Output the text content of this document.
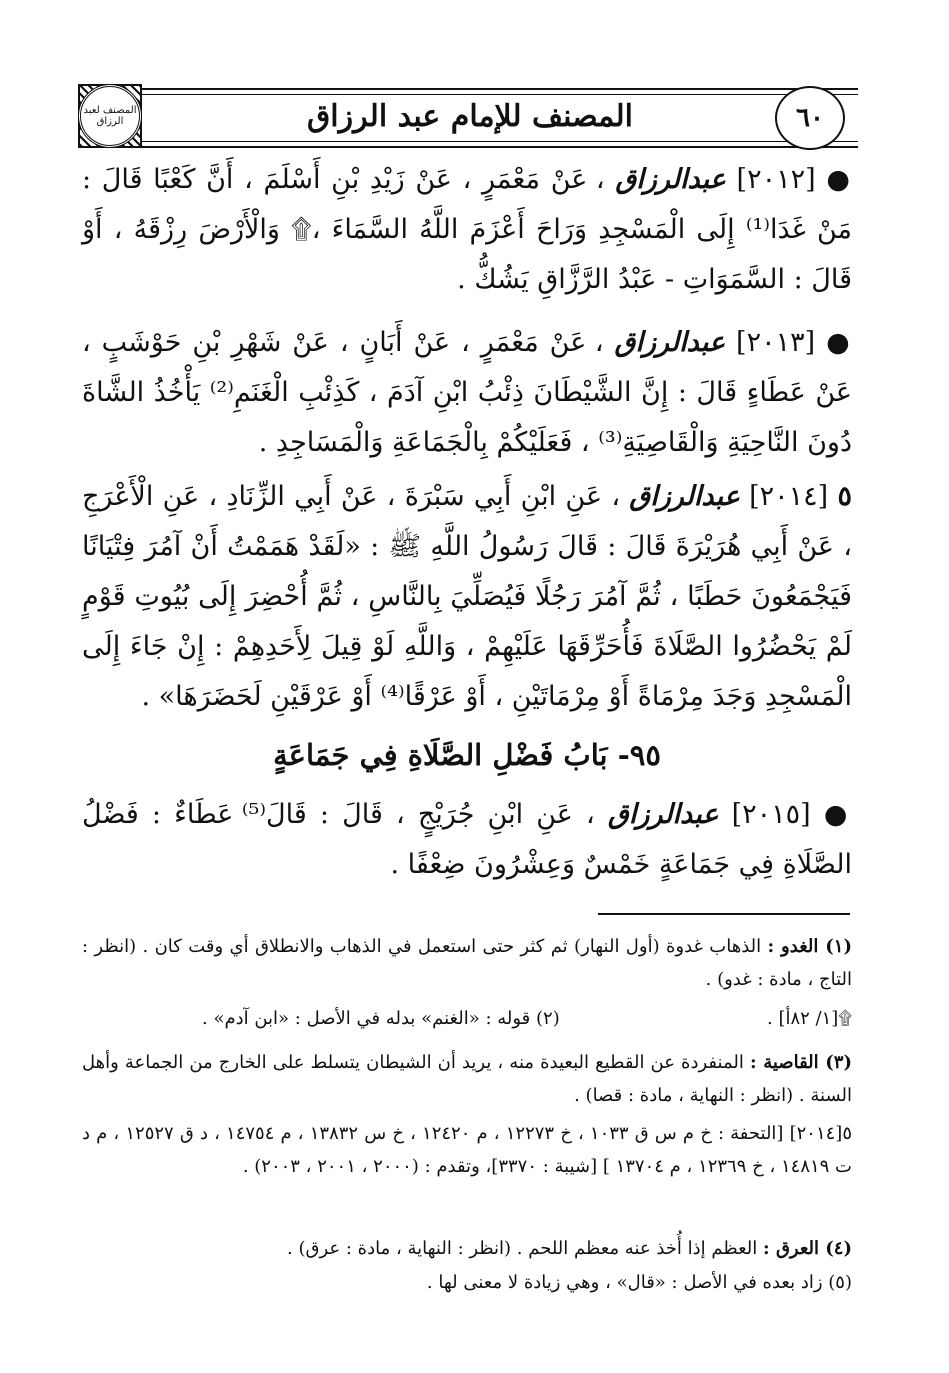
المصنف لعبد الرزاق	المصنف للإمام عبد الرزاق	٦٠
● [٢٠١٢] عبدالرزاق ، عَنْ مَعْمَرٍ ، عَنْ زَيْدِ بْنِ أَسْلَمَ ، أَنَّ كَعْبًا قَالَ : مَنْ غَدَا⁽¹⁾ إِلَى الْمَسْجِدِ وَرَاحَ أَعْزَمَ اللَّهُ السَّمَاءَ ،۩ وَالْأَرْضَ رِزْقَهُ ، أَوْ قَالَ : السَّمَوَاتِ - عَبْدُ الرَّزَّاقِ يَشُكُّ .
● [٢٠١٣] عبدالرزاق ، عَنْ مَعْمَرٍ ، عَنْ أَبَانٍ ، عَنْ شَهْرِ بْنِ حَوْشَبٍ ، عَنْ عَطَاءٍ قَالَ : إِنَّ الشَّيْطَانَ ذِئْبُ ابْنِ آدَمَ ، كَذِئْبِ الْغَنَمِ⁽²⁾ يَأْخُذُ الشَّاةَ دُونَ النَّاحِيَةِ وَالْقَاصِيَةِ⁽³⁾ ، فَعَلَيْكُمْ بِالْجَمَاعَةِ وَالْمَسَاجِدِ .
٥ [٢٠١٤] عبدالرزاق ، عَنِ ابْنِ أَبِي سَبْرَةَ ، عَنْ أَبِي الزِّنَادِ ، عَنِ الْأَعْرَجِ ، عَنْ أَبِي هُرَيْرَةَ قَالَ : قَالَ رَسُولُ اللَّهِ ﷺ : «لَقَدْ هَمَمْتُ أَنْ آمُرَ فِتْيَانًا فَيَجْمَعُونَ حَطَبًا ، ثُمَّ آمُرَ رَجُلًا فَيُصَلِّيَ بِالنَّاسِ ، ثُمَّ أُحْضِرَ إِلَى بُيُوتِ قَوْمٍ لَمْ يَحْضُرُوا الصَّلَاةَ فَأُحَرِّقَهَا عَلَيْهِمْ ، وَاللَّهِ لَوْ قِيلَ لِأَحَدِهِمْ : إِنْ جَاءَ إِلَى الْمَسْجِدِ وَجَدَ مِرْمَاةً أَوْ مِرْمَاتَيْنِ ، أَوْ عَرْقًا⁽⁴⁾ أَوْ عَرْقَيْنِ لَحَضَرَهَا» .
٩٥- بَابُ فَضْلِ الصَّلَاةِ فِي جَمَاعَةٍ
● [٢٠١٥] عبدالرزاق ، عَنِ ابْنِ جُرَيْجٍ ، قَالَ : قَالَ⁽⁵⁾ عَطَاءٌ : فَضْلُ الصَّلَاةِ فِي جَمَاعَةٍ خَمْسٌ وَعِشْرُونَ ضِعْفًا .
(١) الغدو : الذهاب غدوة (أول النهار) ثم كثر حتى استعمل في الذهاب والانطلاق أي وقت كان . (انظر : التاج ، مادة : غدو) .
۩[١/ ٨٢أ] .
(٢) قوله : «الغنم» بدله في الأصل : «ابن آدم» .
(٣) القاصية : المنفردة عن القطيع البعيدة منه ، يريد أن الشيطان يتسلط على الخارج من الجماعة وأهل السنة . (انظر : النهاية ، مادة : قصا) .
٥[٢٠١٤] [التحفة : خ م س ق ١٠٣٣ ، خ ١٢٢٧٣ ، م ١٢٤٢٠ ، خ س ١٣٨٣٢ ، م ١٤٧٥٤ ، د ق ١٢٥٢٧ ، م د ت ١٤٨١٩ ، خ ١٢٣٦٩ ، م ١٣٧٠٤ ] [شيبة : ٣٣٧٠]، وتقدم : (٢٠٠٠ ، ٢٠٠١ ، ٢٠٠٣) .
(٤) العرق : العظم إذا أُخذ عنه معظم اللحم . (انظر : النهاية ، مادة : عرق) .
(٥) زاد بعده في الأصل : «قال» ، وهي زيادة لا معنى لها .
